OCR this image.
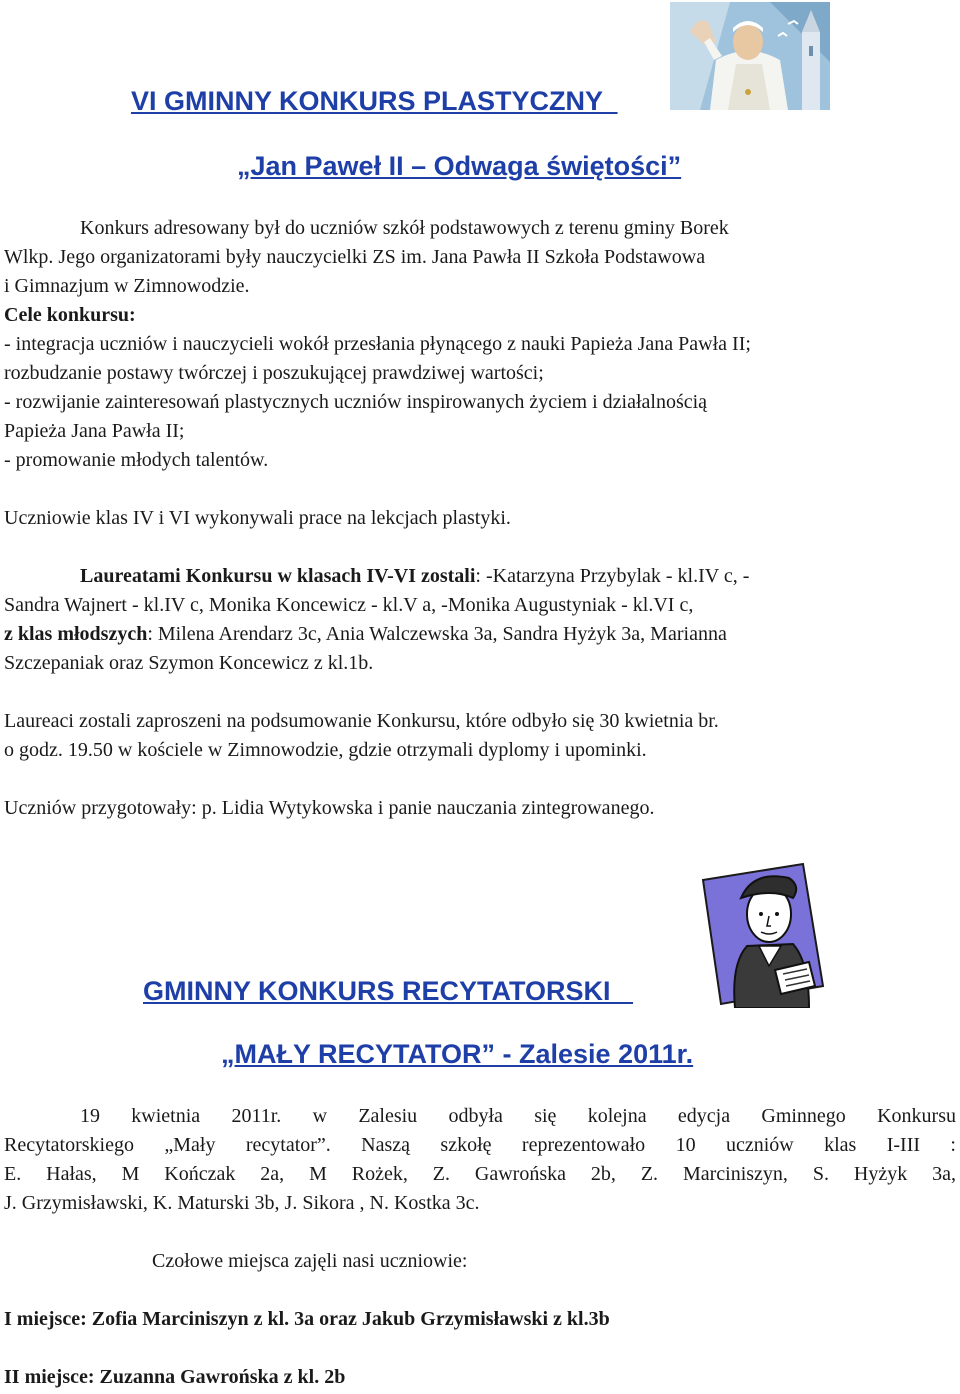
VI GMINNY KONKURS PLASTYCZNY
„Jan Paweł II – Odwaga świętości”

Konkurs adresowany był do uczniów szkół podstawowych z terenu gminy Borek

Wlkp. Jego organizatorami były nauczycielki ZS im. Jana Pawła II Szkoła Podstawowa

i Gimnazjum w Zimnowodzie.

Cele konkursu:

- integracja uczniów i nauczycieli wokół przesłania płynącego z nauki Papieża Jana Pawła II;

rozbudzanie postawy twórczej i poszukującej prawdziwej wartości;

- rozwijanie zainteresowań plastycznych uczniów inspirowanych życiem i działalnością

Papieża Jana Pawła II;

- promowanie młodych talentów.

Uczniowie klas IV i VI wykonywali prace na lekcjach plastyki.

Laureatami Konkursu w klasach IV-VI zostali: -Katarzyna Przybylak - kl.IV c, -

Sandra Wajnert - kl.IV c, Monika Koncewicz - kl.V a, -Monika Augustyniak - kl.VI c,

z klas młodszych: Milena Arendarz 3c, Ania Walczewska 3a, Sandra Hyżyk 3a, Marianna

Szczepaniak oraz Szymon Koncewicz z kl.1b.

Laureaci zostali zaproszeni na podsumowanie Konkursu, które odbyło się 30 kwietnia br.

o godz. 19.50 w kościele w Zimnowodzie, gdzie otrzymali dyplomy i upominki.

Uczniów przygotowały: p. Lidia Wytykowska i panie nauczania zintegrowanego.

GMINNY KONKURS RECYTATORSKI
„MAŁY RECYTATOR” - Zalesie 2011r.

19 kwietnia 2011r. w Zalesiu odbyła się kolejna edycja Gminnego Konkursu

Recytatorskiego „Mały recytator”. Naszą szkołę reprezentowało 10 uczniów klas I-III :

E. Hałas, M Kończak 2a, M Rożek, Z. Gawrońska 2b, Z. Marciniszyn, S. Hyżyk 3a,

J. Grzymisławski, K. Maturski 3b, J. Sikora , N. Kostka 3c.

Czołowe miejsca zajęli nasi uczniowie:

I miejsce: Zofia Marciniszyn z kl. 3a oraz Jakub Grzymisławski z kl.3b

II miejsce: Zuzanna Gawrońska z kl. 2b
